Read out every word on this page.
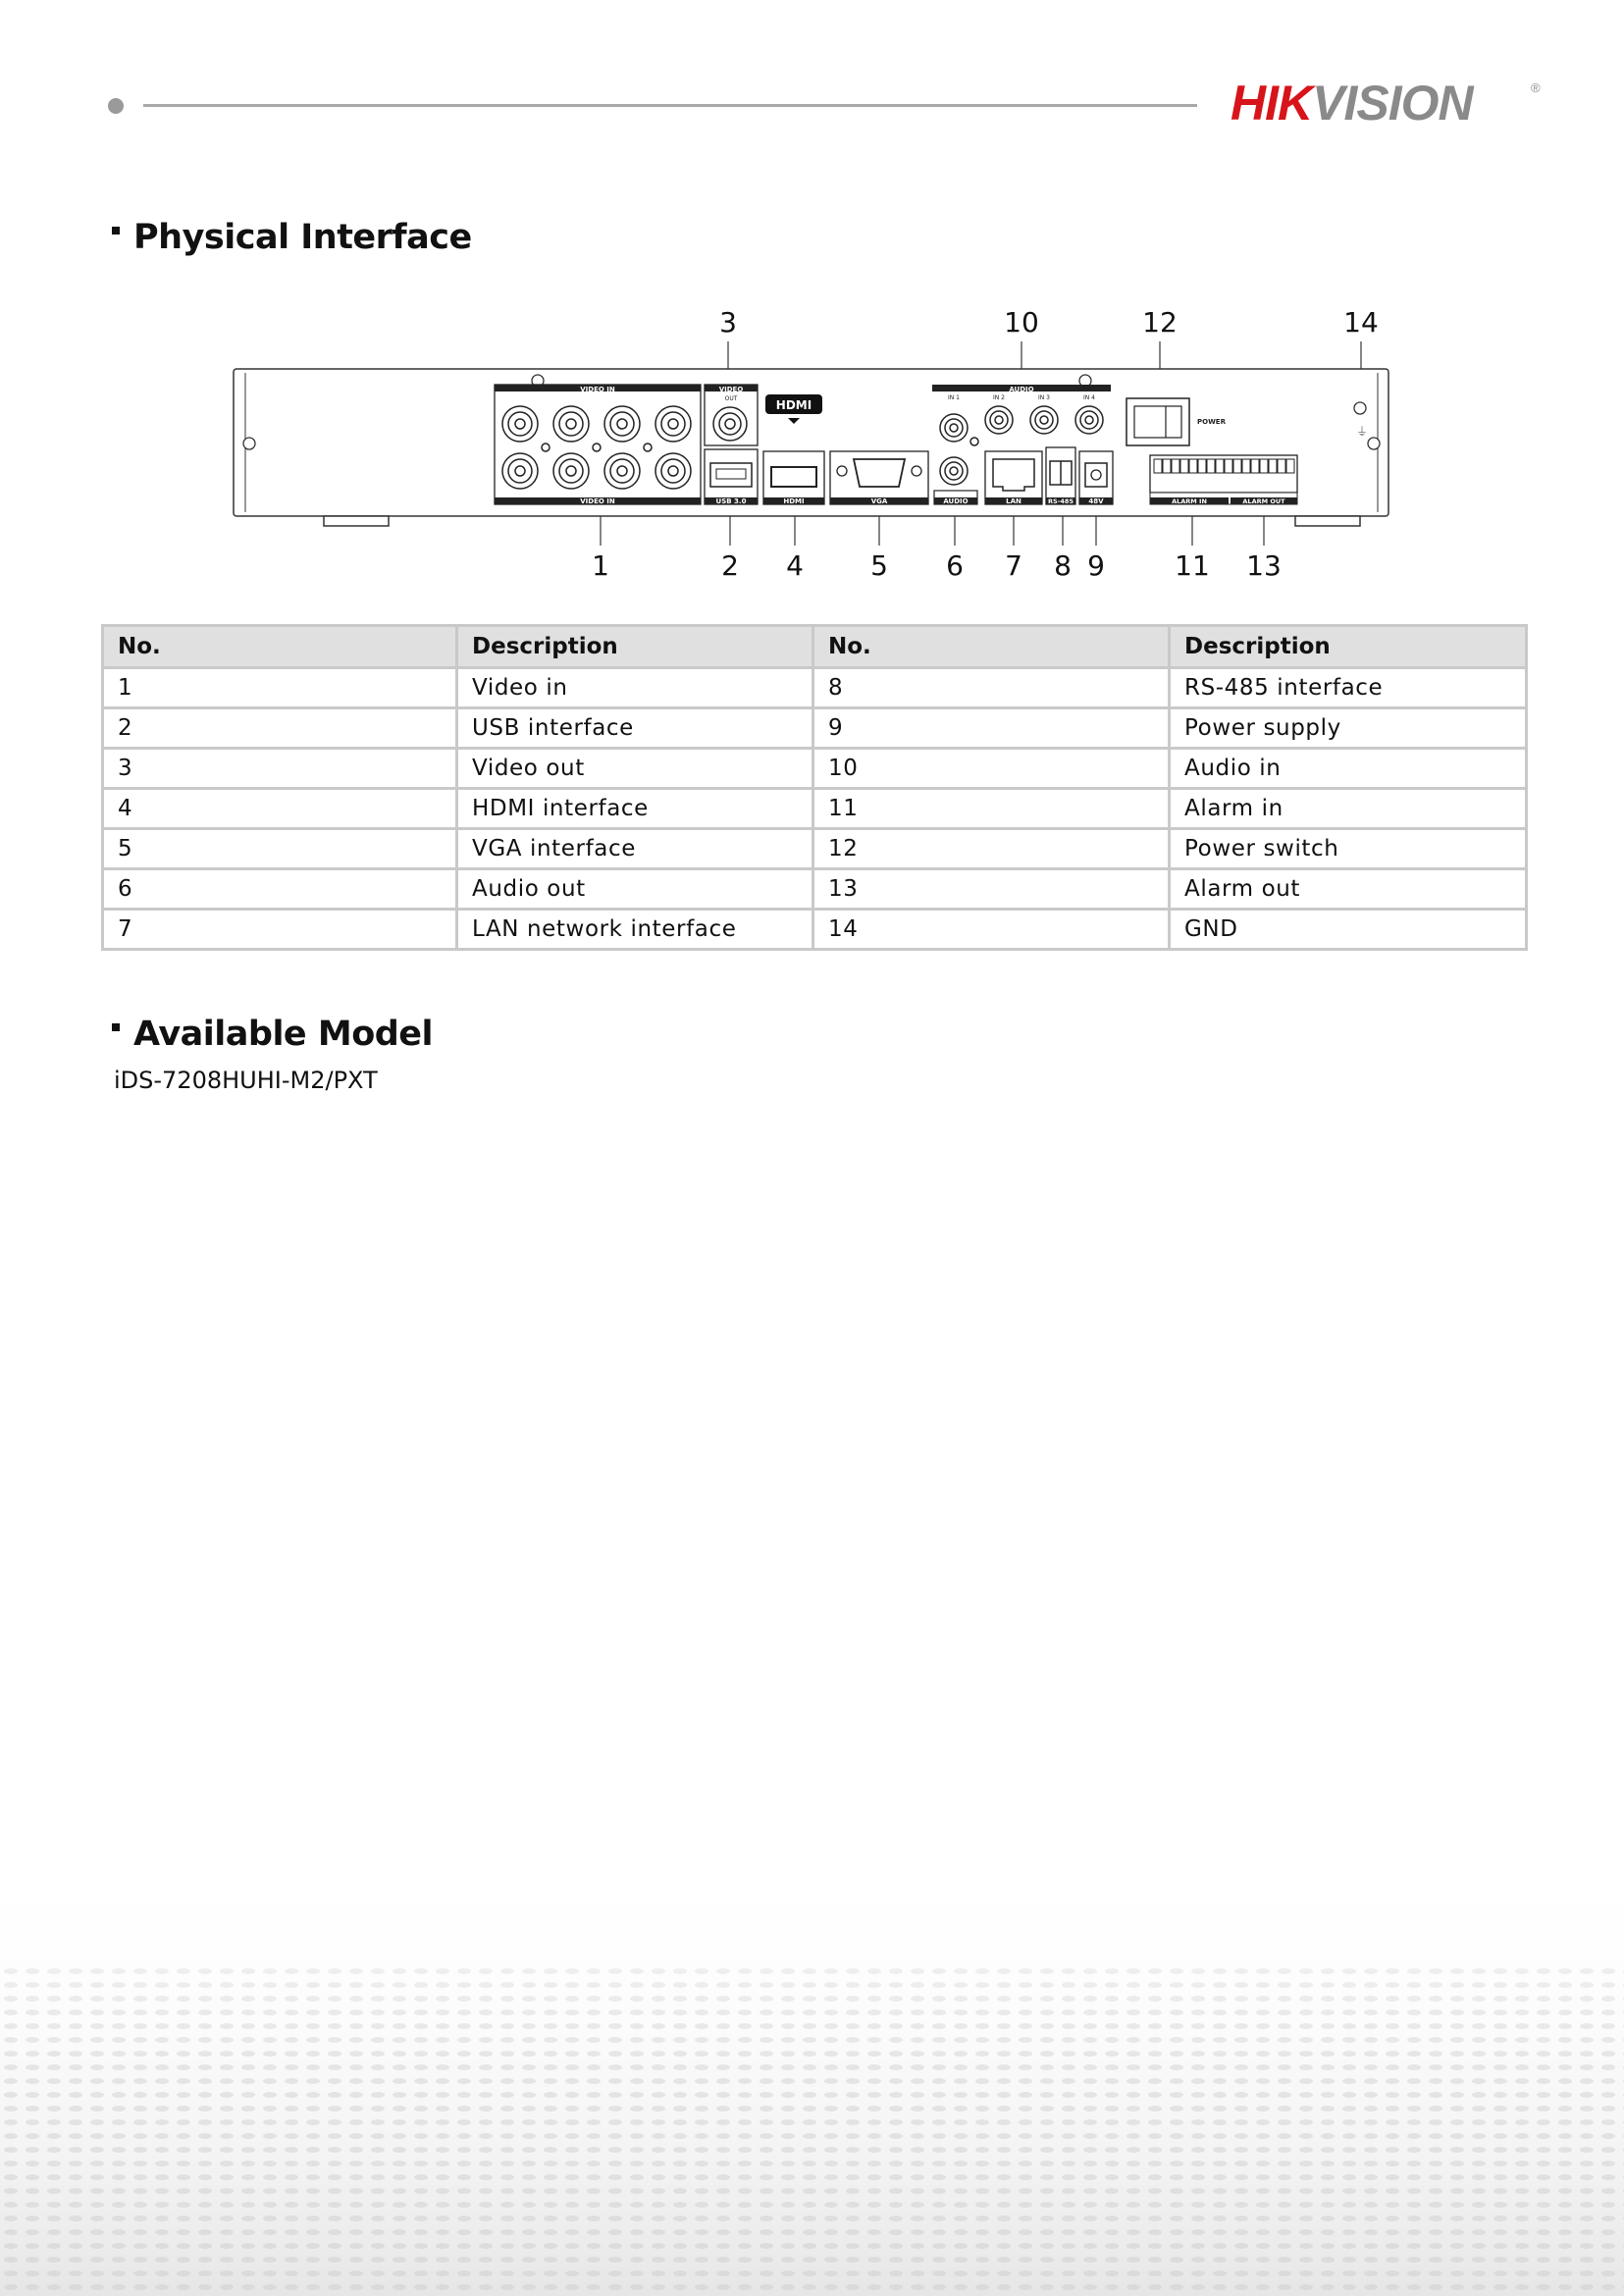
HIKVISION	®
Physical Interface
3	10	12	14
1	2 4 5 6 7 8 9	11 13
⏚
VIDEO IN
VIDEO IN
VIDEO
OUT
USB 3.0
HDMI
HDMI	VGA
AUDIO
IN 1	IN 2	IN 3	IN 4
AUDIO	LAN	RS-485 48V
POWER
ALARM IN	ALARM OUT
No.	Description	No.	Description
1	Video in	8	RS-485 interface
2	USB interface	9	Power supply
3	Video out	10	Audio in
4	HDMI interface	11	Alarm in
5	VGA interface	12	Power switch
6	Audio out	13	Alarm out
7	LAN network interface	14	GND
Available Model
iDS-7208HUHI-M2/PXT
